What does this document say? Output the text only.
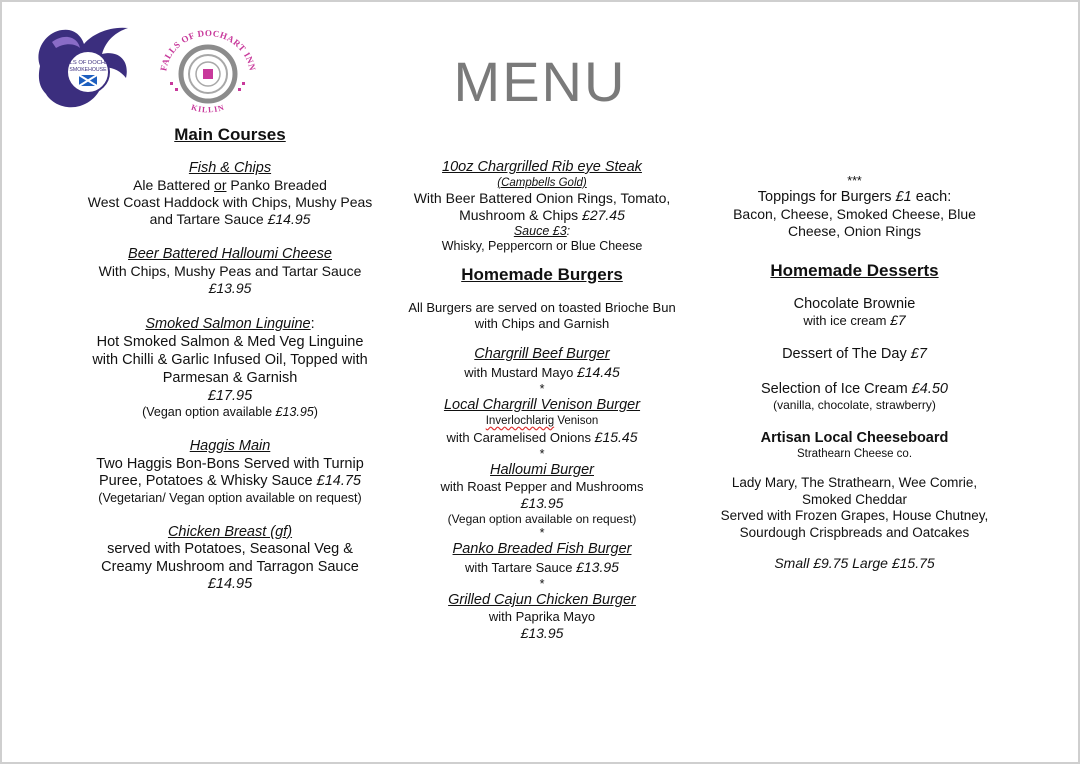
FALLS OF DOCHART
SMOKEHOUSE	FALLS OF DOCHART INN
KILLIN	MENU
Main Courses
Fish & Chips
Ale Battered or Panko Breaded
West Coast Haddock with Chips, Mushy Peas and Tartare Sauce £14.95
Beer Battered Halloumi Cheese
With Chips, Mushy Peas and Tartar Sauce
£13.95
Smoked Salmon Linguine:
Hot Smoked Salmon & Med Veg Linguine with Chilli & Garlic Infused Oil, Topped with Parmesan & Garnish
£17.95
(Vegan option available £13.95)
Haggis Main
Two Haggis Bon-Bons Served with Turnip Puree, Potatoes & Whisky Sauce £14.75
(Vegetarian/ Vegan option available on request)
Chicken Breast (gf)
served with Potatoes, Seasonal Veg & Creamy Mushroom and Tarragon Sauce £14.95
10oz Chargrilled Rib eye Steak
(Campbells Gold)
With Beer Battered Onion Rings, Tomato, Mushroom & Chips £27.45
Sauce £3:
Whisky, Peppercorn or Blue Cheese
Homemade Burgers
All Burgers are served on toasted Brioche Bun with Chips and Garnish
Chargrill Beef Burger
with Mustard Mayo £14.45
*
Local Chargrill Venison Burger
Inverlochlarig Venison
with Caramelised Onions £15.45
*
Halloumi Burger
with Roast Pepper and Mushrooms
£13.95
(Vegan option available on request)
*
Panko Breaded Fish Burger
with Tartare Sauce £13.95
*
Grilled Cajun Chicken Burger
with Paprika Mayo
£13.95
***
Toppings for Burgers £1 each:
Bacon, Cheese, Smoked Cheese, Blue Cheese, Onion Rings
Homemade Desserts
Chocolate Brownie
with ice cream £7
Dessert of The Day £7
Selection of Ice Cream £4.50
(vanilla, chocolate, strawberry)
Artisan Local Cheeseboard
Strathearn Cheese co.
Lady Mary, The Strathearn, Wee Comrie, Smoked Cheddar
Served with Frozen Grapes, House Chutney, Sourdough Crispbreads and Oatcakes
Small £9.75 Large £15.75
